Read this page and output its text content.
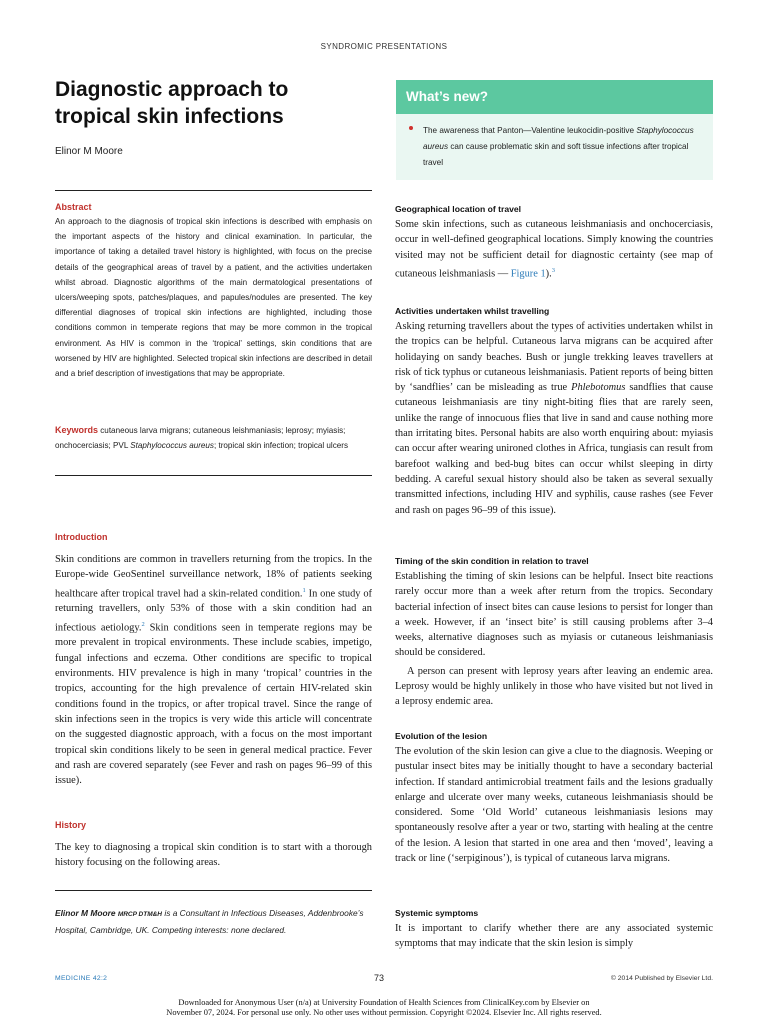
SYNDROMIC PRESENTATIONS
Diagnostic approach to tropical skin infections
Elinor M Moore
What’s new?
The awareness that Panton—Valentine leukocidin-positive Staphylococcus aureus can cause problematic skin and soft tissue infections after tropical travel
Abstract
An approach to the diagnosis of tropical skin infections is described with emphasis on the important aspects of the history and clinical examination. In particular, the importance of taking a detailed travel history is highlighted, with focus on the precise details of the geographical areas of travel by a patient, and the activities undertaken whilst abroad. Diagnostic algorithms of the main dermatological presentations of ulcers/weeping spots, patches/plaques, and papules/nodules are presented. The key differential diagnoses of tropical skin infections are highlighted, including those conditions common in temperate regions that may be more common in the tropical environment. As HIV is common in the ‘tropical’ settings, skin conditions that are worsened by HIV are highlighted. Selected tropical skin infections are described in detail and a brief description of investigations that may be appropriate.
Keywords cutaneous larva migrans; cutaneous leishmaniasis; leprosy; myiasis; onchocerciasis; PVL Staphylococcus aureus; tropical skin infection; tropical ulcers
Introduction
Skin conditions are common in travellers returning from the tropics. In the Europe-wide GeoSentinel surveillance network, 18% of patients seeking healthcare after tropical travel had a skin-related condition.$^1$ In one study of returning travellers, only 53% of those with a skin condition had an infectious aetiology.$^2$ Skin conditions seen in temperate regions may be more prevalent in tropical environments. These include scabies, impetigo, fungal infections and eczema. Other conditions are specific to tropical environments. HIV prevalence is high in many ‘tropical’ countries in the tropics, accounting for the high prevalence of certain HIV-related skin conditions found in the tropics, or after tropical travel. Since the range of skin infections seen in the tropics is very wide this article will concentrate on the suggested diagnostic approach, with a focus on the most important tropical skin conditions likely to be seen in general medical practice. Fever and rash are covered separately (see Fever and rash on pages 96–99 of this issue).
History
The key to diagnosing a tropical skin condition is to start with a thorough history focusing on the following areas.
Elinor M Moore MRCP DTM&H is a Consultant in Infectious Diseases, Addenbrooke’s Hospital, Cambridge, UK. Competing interests: none declared.
Geographical location of travel
Some skin infections, such as cutaneous leishmaniasis and onchocerciasis, occur in well-defined geographical locations. Simply knowing the countries visited may not be sufficient detail for diagnostic certainty (see map of cutaneous leishmaniasis — Figure 1).$^3$
Activities undertaken whilst travelling
Asking returning travellers about the types of activities undertaken whilst in the tropics can be helpful. Cutaneous larva migrans can be acquired after holidaying on sandy beaches. Bush or jungle trekking leaves travellers at risk of tick typhus or cutaneous leishmaniasis. Patient reports of being bitten by ‘sandflies’ can be misleading as true Phlebotomus sandflies that cause cutaneous leishmaniasis are tiny night-biting flies that are rarely seen, unlike the range of innocuous flies that live in sand and cause nothing more than irritating bites. Personal habits are also worth enquiring about: myiasis can occur after wearing unironed clothes in Africa, tungiasis can result from barefoot walking and bed-bug bites can occur whilst sleeping in dirty bedding. A careful sexual history should also be taken as several sexually transmitted infections, including HIV and syphilis, cause rashes (see Fever and rash on pages 96–99 of this issue).
Timing of the skin condition in relation to travel

Establishing the timing of skin lesions can be helpful. Insect bite reactions rarely occur more than a week after return from the tropics. Secondary bacterial infection of insect bites can cause lesions to persist for longer than a week. However, if an ‘insect bite’ is still causing problems after 3–4 weeks, alternative diagnoses such as myiasis or cutaneous leishmaniasis should be considered.

A person can present with leprosy years after leaving an endemic area. Leprosy would be highly unlikely in those who have visited but not lived in a leprosy endemic area.

Evolution of the lesion
The evolution of the skin lesion can give a clue to the diagnosis. Weeping or pustular insect bites may be initially thought to have a secondary bacterial infection. If standard antimicrobial treatment fails and the lesions gradually enlarge and ulcerate over many weeks, cutaneous leishmaniasis should be considered. Some ‘Old World’ cutaneous leishmaniasis lesions may spontaneously resolve after a year or two, starting with healing at the centre of the lesion. A lesion that started in one area and then ‘moved’, leaving a track or line (‘serpiginous’), is typical of cutaneous larva migrans.
Systemic symptoms
It is important to clarify whether there are any associated systemic symptoms that may indicate that the skin lesion is simply
MEDICINE 42:2	73	© 2014 Published by Elsevier Ltd.
Downloaded for Anonymous User (n/a) at University Foundation of Health Sciences from ClinicalKey.com by Elsevier on
November 07, 2024. For personal use only. No other uses without permission. Copyright ©2024. Elsevier Inc. All rights reserved.
